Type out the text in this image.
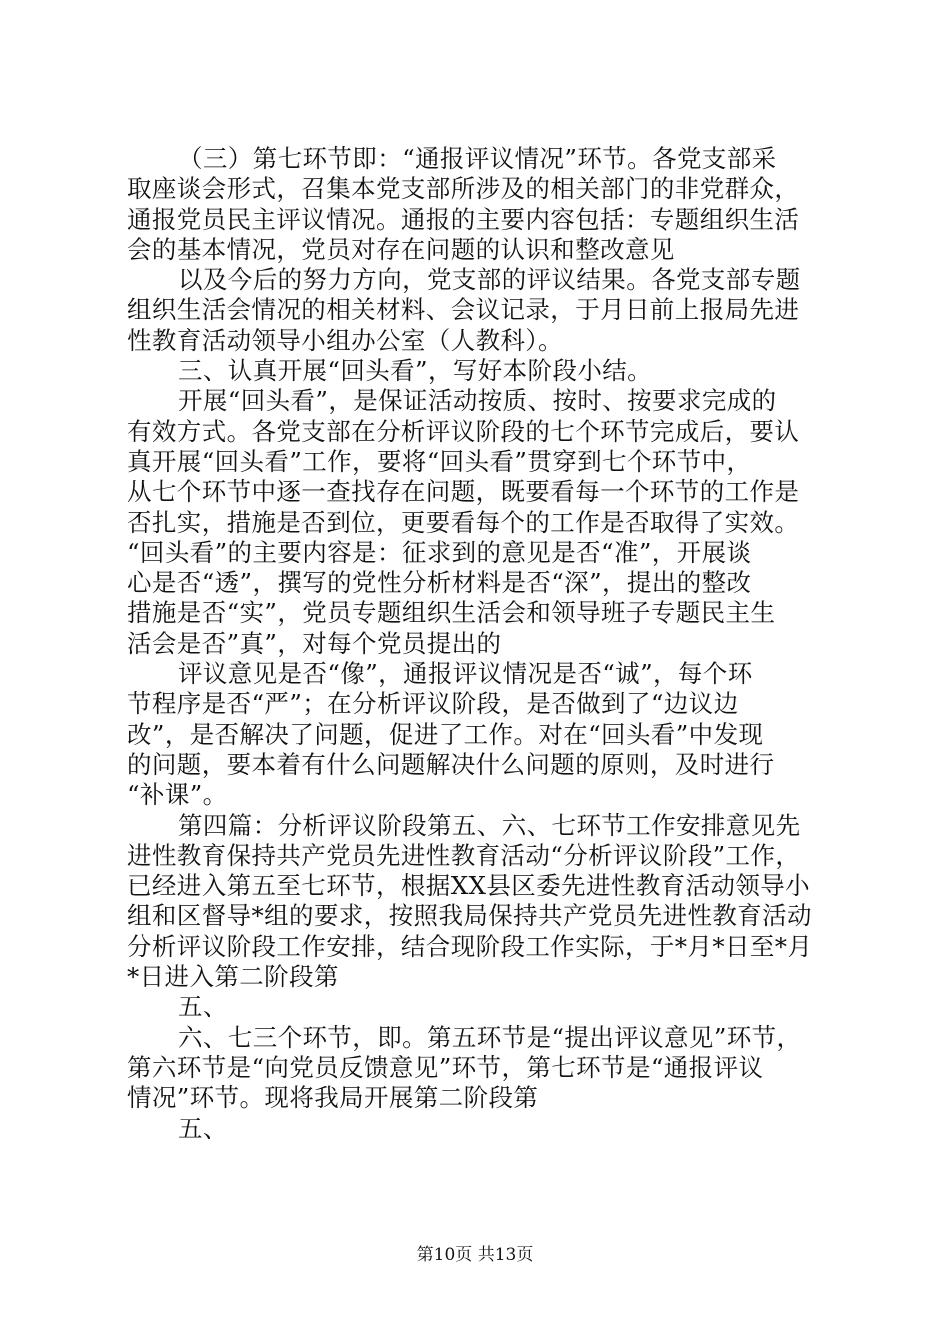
（三）第七环节即：“通报评议情况”环节。各党支部采
取座谈会形式，召集本党支部所涉及的相关部门的非党群众，
通报党员民主评议情况。通报的主要内容包括：专题组织生活
会的基本情况，党员对存在问题的认识和整改意见
以及今后的努力方向，党支部的评议结果。各党支部专题
组织生活会情况的相关材料、会议记录，于月日前上报局先进
性教育活动领导小组办公室（人教科）。
三、认真开展“回头看”，写好本阶段小结。
开展“回头看”，是保证活动按质、按时、按要求完成的
有效方式。各党支部在分析评议阶段的七个环节完成后，要认
真开展“回头看”工作，要将“回头看”贯穿到七个环节中，
从七个环节中逐一查找存在问题，既要看每一个环节的工作是
否扎实，措施是否到位，更要看每个的工作是否取得了实效。
“回头看”的主要内容是：征求到的意见是否“准”，开展谈
心是否“透”，撰写的党性分析材料是否“深”，提出的整改
措施是否“实”，党员专题组织生活会和领导班子专题民主生
活会是否”真”，对每个党员提出的
评议意见是否“像”，通报评议情况是否“诚”，每个环
节程序是否“严”；在分析评议阶段，是否做到了“边议边
改”，是否解决了问题，促进了工作。对在“回头看”中发现
的问题，要本着有什么问题解决什么问题的原则，及时进行
“补课”。
第四篇：分析评议阶段第五、六、七环节工作安排意见先
进性教育保持共产党员先进性教育活动“分析评议阶段”工作，
已经进入第五至七环节，根据XX县区委先进性教育活动领导小
组和区督导*组的要求，按照我局保持共产党员先进性教育活动
分析评议阶段工作安排，结合现阶段工作实际，于*月*日至*月
*日进入第二阶段第
五、
六、七三个环节，即。第五环节是“提出评议意见”环节，
第六环节是“向党员反馈意见”环节，第七环节是“通报评议
情况”环节。现将我局开展第二阶段第
五、
第10页 共13页
